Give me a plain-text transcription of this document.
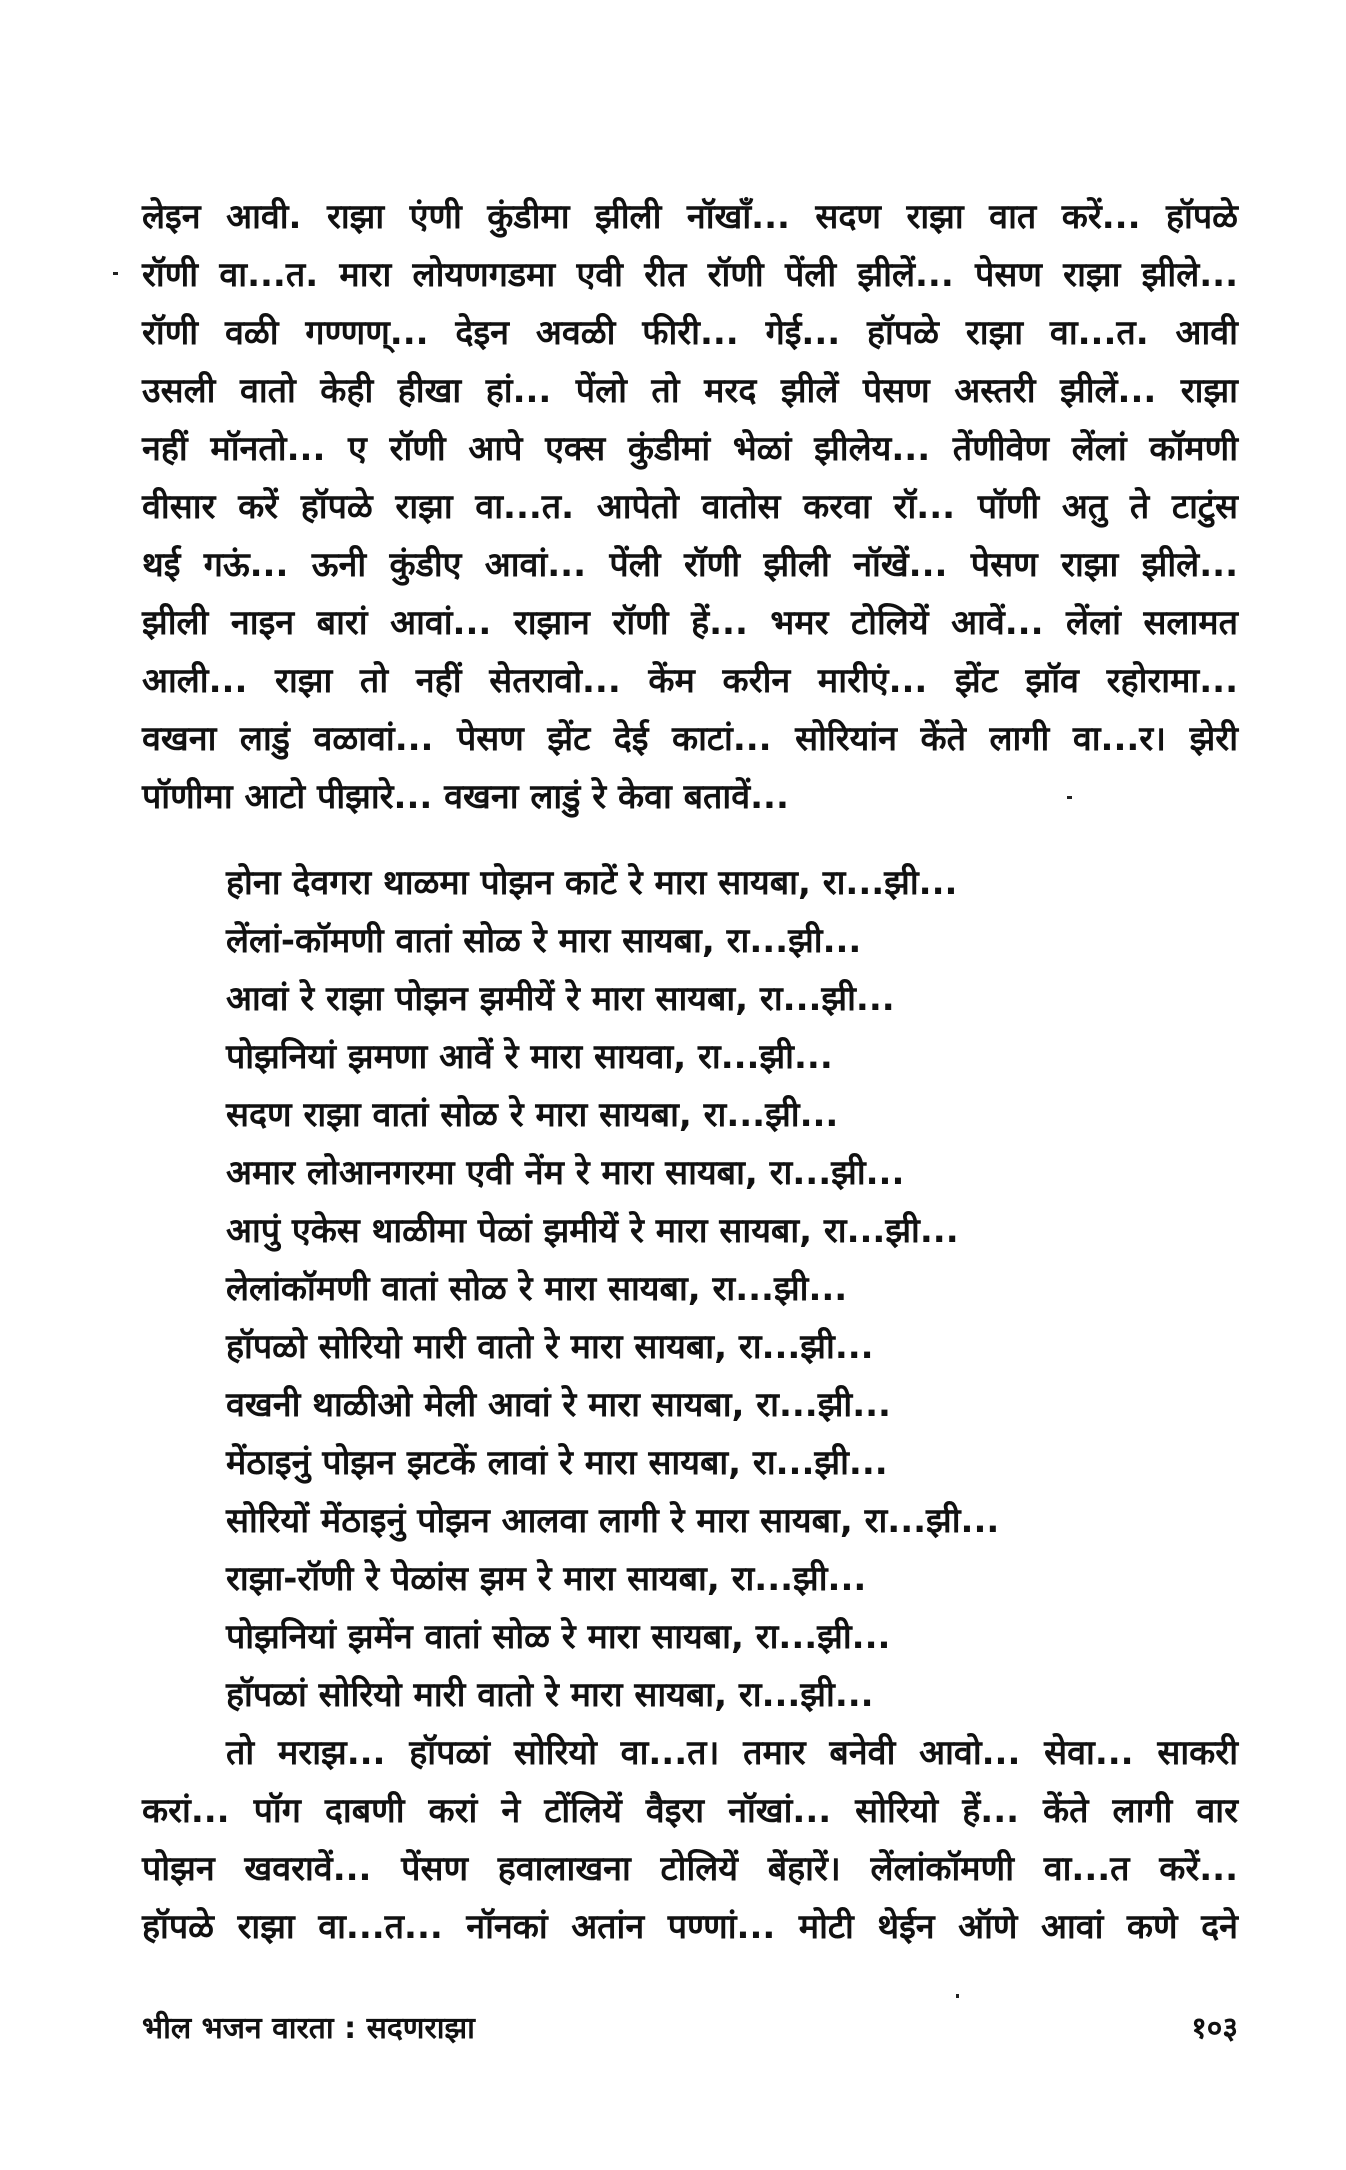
लेइन आवी. राझा एंणी कुंडीमा झीली नॉखाँ... सदण राझा वात करें... हॉपळे
रॉणी वा...त. मारा लोयणगडमा एवी रीत रॉणी पेंली झीलें... पेसण राझा झीले...
रॉणी वळी गण्णण्... देइन अवळी फीरी... गेई... हॉपळे राझा वा...त. आवी
उसली वातो केही हीखा हां... पेंलो तो मरद झीलें पेसण अस्तरी झीलें... राझा
नहीं मॉनतो... ए रॉणी आपे एक्स कुंडीमां भेळां झीलेय... तेंणीवेण लेंलां कॉमणी
वीसार करें हॉपळे राझा वा...त. आपेतो वातोस करवा रॉ... पॉणी अतु ते टाटुंस
थई गऊं... ऊनी कुंडीए आवां... पेंली रॉणी झीली नॉखें... पेसण राझा झीले...
झीली नाइन बारां आवां... राझान रॉणी हें... भमर टोलियें आवें... लेंलां सलामत
आली... राझा तो नहीं सेतरावो... केंम करीन मारीएं... झेंट झॉव रहोरामा...
वखना लाडुं वळावां... पेसण झेंट देई काटां... सोरियांन केंते लागी वा...र। झेरी
पॉणीमा आटो पीझारे... वखना लाडुं रे केवा बतावें...
होना देवगरा थाळमा पोझन काटें रे मारा सायबा, रा...झी...
लेंलां-कॉमणी वातां सोळ रे मारा सायबा, रा...झी...
आवां रे राझा पोझन झमीयें रे मारा सायबा, रा...झी...
पोझनियां झमणा आवें रे मारा सायवा, रा...झी...
सदण राझा वातां सोळ रे मारा सायबा, रा...झी...
अमार लोआनगरमा एवी नेंम रे मारा सायबा, रा...झी...
आपुं एकेस थाळीमा पेळां झमीयें रे मारा सायबा, रा...झी...
लेलांकॉमणी वातां सोळ रे मारा सायबा, रा...झी...
हॉपळो सोरियो मारी वातो रे मारा सायबा, रा...झी...
वखनी थाळीओ मेली आवां रे मारा सायबा, रा...झी...
मेंठाइनुं पोझन झटकें लावां रे मारा सायबा, रा...झी...
सोरियों मेंठाइनुं पोझन आलवा लागी रे मारा सायबा, रा...झी...
राझा-रॉणी रे पेळांस झम रे मारा सायबा, रा...झी...
पोझनियां झमेंन वातां सोळ रे मारा सायबा, रा...झी...
हॉपळां सोरियो मारी वातो रे मारा सायबा, रा...झी...
तो मराझ... हॉपळां सोरियो वा...त। तमार बनेवी आवो... सेवा... साकरी
करां... पॉग दाबणी करां ने टोंलियें वैइरा नॉखां... सोरियो हें... केंते लागी वार
पोझन खवरावें... पेंसण हवालाखना टोलियें बेंहारें। लेंलांकॉमणी वा...त करें...
हॉपळे राझा वा...त... नॉनकां अतांन पण्णां... मोटी थेईन ऑणे आवां कणे दने
भील भजन वारता : सदणराझा	१०३
